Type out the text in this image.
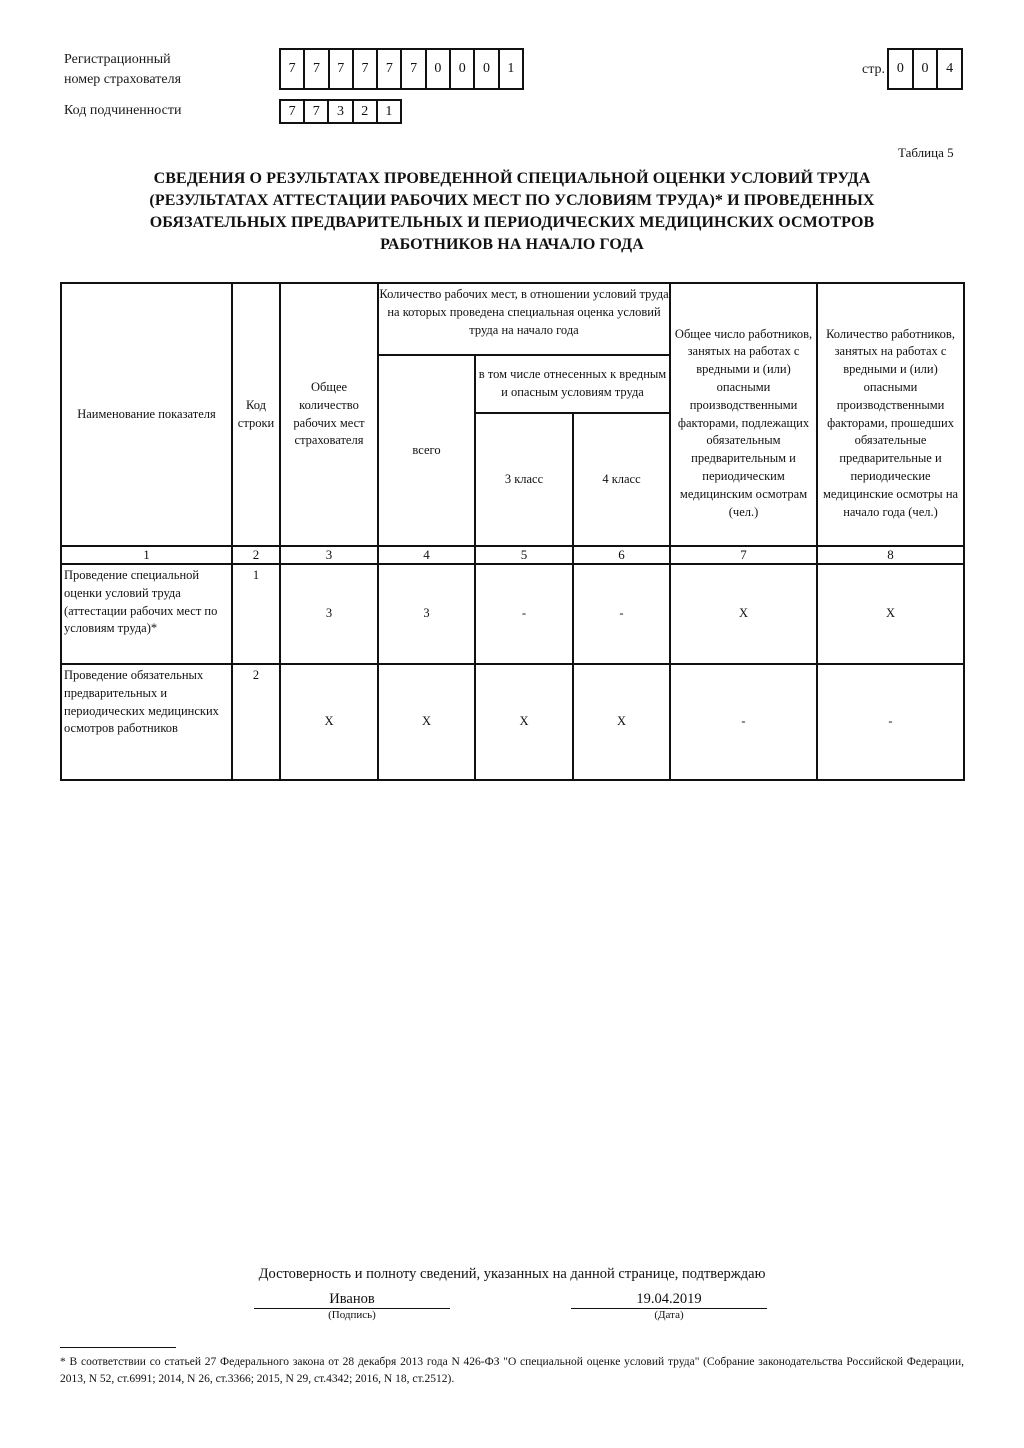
Регистрационный
номер страхователя
7	7	7	7	7	7	0	0	0	1	стр. 0	0	4
Код подчиненности	7	7	3	2	1
Таблица 5
СВЕДЕНИЯ О РЕЗУЛЬТАТАХ ПРОВЕДЕННОЙ СПЕЦИАЛЬНОЙ ОЦЕНКИ УСЛОВИЙ ТРУДА
(РЕЗУЛЬТАТАХ АТТЕСТАЦИИ РАБОЧИХ МЕСТ ПО УСЛОВИЯМ ТРУДА)* И ПРОВЕДЕННЫХ
ОБЯЗАТЕЛЬНЫХ ПРЕДВАРИТЕЛЬНЫХ И ПЕРИОДИЧЕСКИХ МЕДИЦИНСКИХ ОСМОТРОВ
РАБОТНИКОВ НА НАЧАЛО ГОДА
Наименование показателя	Код строки	Общее количество рабочих мест страхователя	Количество рабочих мест, в отношении условий труда на которых проведена специальная оценка условий труда на начало года			Общее число работников, занятых на работах с вредными и (или) опасными производственными факторами, подлежащих обязательным предварительным и периодическим медицинским осмотрам (чел.)	Количество работников, занятых на работах с вредными и (или) опасными производственными факторами, прошедших обязательные предварительные и периодические медицинские осмотры на начало года (чел.)
			всего	в том числе отнесенных к вредным и опасным условиям труда			
				3 класс	4 класс		
1	2	3	4	5	6	7	8
Проведение специальной оценки условий труда (аттестации рабочих мест по условиям труда)*	1	3	3	-	-	X	X
Проведение обязательных предварительных и периодических медицинских осмотров работников	2	X	X	X	X	-	-
Достоверность и полноту сведений, указанных на данной странице, подтверждаю
Иванов
(Подпись)
19.04.2019
(Дата)
* В соответствии со статьей 27 Федерального закона от 28 декабря 2013 года N 426-ФЗ "О специальной оценке условий труда" (Собрание законодательства Российской Федерации, 2013, N 52, ст.6991; 2014, N 26, ст.3366; 2015, N 29, ст.4342; 2016, N 18, ст.2512).
